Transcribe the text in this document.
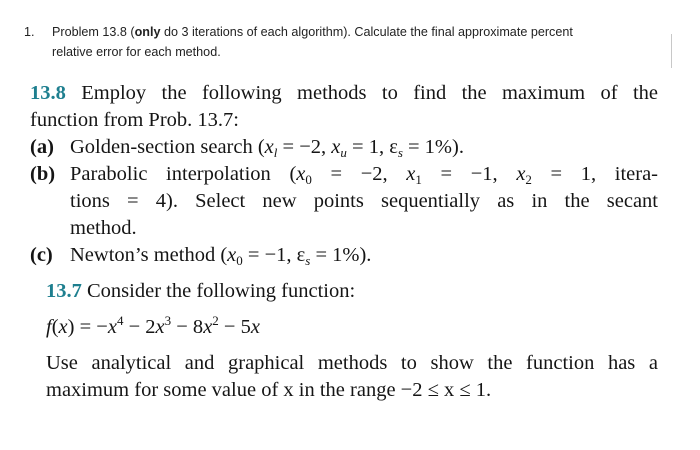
1. Problem 13.8 (only do 3 iterations of each algorithm). Calculate the final approximate percent
relative error for each method.
13.8 Employ the following methods to find the maximum of the
function from Prob. 13.7:
(a) Golden-section search ($x_l = -2$, $x_u = 1$, $\varepsilon_s = 1\%$).
(b) Parabolic interpolation ($x_0 = -2$, $x_1 = -1$, $x_2 = 1$, itera-
tions = 4). Select new points sequentially as in the secant
method.
(c) Newton’s method ($x_0 = -1$, $\varepsilon_s = 1\%$).
13.7 Consider the following function:
$f(x) = -x^4 - 2x^3 - 8x^2 - 5x$
Use analytical and graphical methods to show the function has a
maximum for some value of x in the range −2 ≤ x ≤ 1.
